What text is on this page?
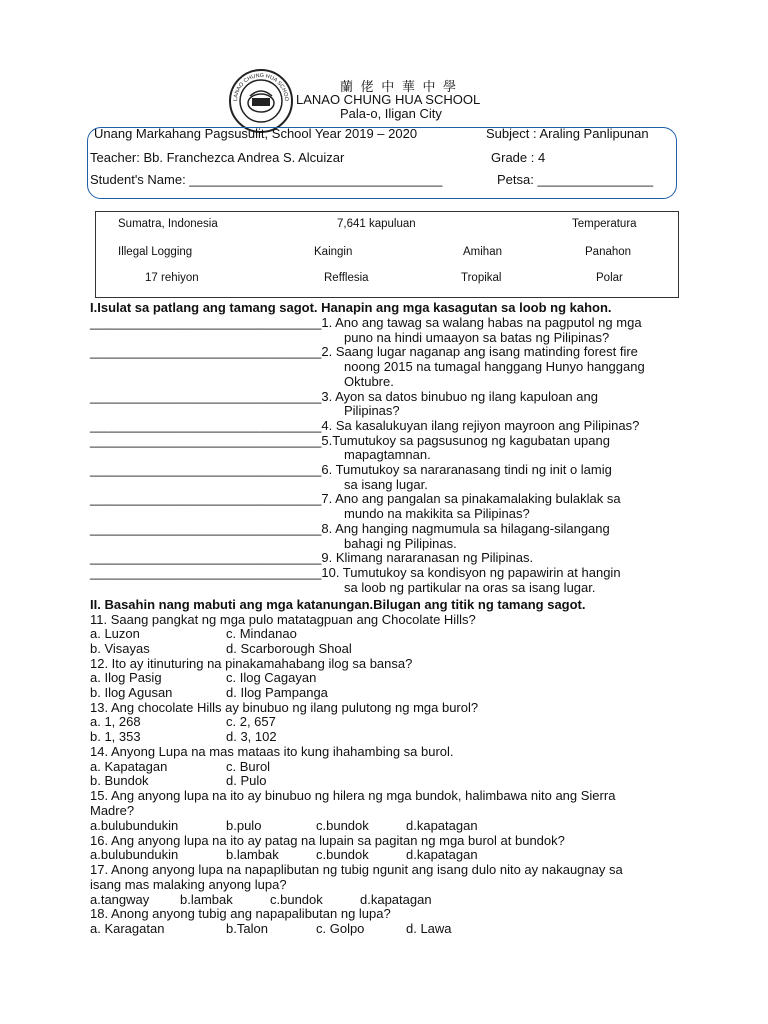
LANAO CHUNG HUA SCHOO
蘭 佬 中 華 中 學
LANAO CHUNG HUA SCHOOL
Pala-o, Iligan City
Unang Markahang Pagsusulit, School Year 2019 – 2020	Subject : Araling Panlipunan
Teacher: Bb. Franchezca Andrea S. Alcuizar	Grade : 4
Student's Name: ___________________________________	Petsa: ________________
Sumatra, Indonesia	7,641 kapuluan	Temperatura
Illegal Logging	Kaingin	Amihan	Panahon
17 rehiyon	Refflesia	Tropikal	Polar
I.Isulat sa patlang ang tamang sagot. Hanapin ang mga kasagutan sa loob ng kahon.
________________________________1. Ano ang tawag sa walang habas na pagputol ng mga
puno na hindi umaayon sa batas ng Pilipinas?
________________________________2. Saang lugar naganap ang isang matinding forest fire
noong 2015 na tumagal hanggang Hunyo hanggang
Oktubre.
________________________________3. Ayon sa datos binubuo ng ilang kapuloan ang
Pilipinas?
________________________________4. Sa kasalukuyan ilang rejiyon mayroon ang Pilipinas?
________________________________5.Tumutukoy sa pagsusunog ng kagubatan upang
mapagtamnan.
________________________________6. Tumutukoy sa nararanasang tindi ng init o lamig
sa isang lugar.
________________________________7. Ano ang pangalan sa pinakamalaking bulaklak sa
mundo na makikita sa Pilipinas?
________________________________8. Ang hanging nagmumula sa hilagang-silangang
bahagi ng Pilipinas.
________________________________9. Klimang nararanasan ng Pilipinas.
________________________________10. Tumutukoy sa kondisyon ng papawirin at hangin
sa loob ng partikular na oras sa isang lugar.
II. Basahin nang mabuti ang mga katanungan.Bilugan ang titik ng tamang sagot.
11. Saang pangkat ng mga pulo matatagpuan ang Chocolate Hills?
a. Luzon	c. Mindanao
b. Visayas	d. Scarborough Shoal
12. Ito ay itinuturing na pinakamahabang ilog sa bansa?
a. Ilog Pasig	c. Ilog Cagayan
b. Ilog Agusan	d. Ilog Pampanga
13. Ang chocolate Hills ay binubuo ng ilang pulutong ng mga burol?
a. 1, 268	c. 2, 657
b. 1, 353	d. 3, 102
14. Anyong Lupa na mas mataas ito kung ihahambing sa burol.
a. Kapatagan	c. Burol
b. Bundok	d. Pulo
15. Ang anyong lupa na ito ay binubuo ng hilera ng mga bundok, halimbawa nito ang Sierra
Madre?
a.bulubundukin	b.pulo	c.bundok	d.kapatagan
16. Ang anyong lupa na ito ay patag na lupain sa pagitan ng mga burol at bundok?
a.bulubundukin	b.lambak	c.bundok	d.kapatagan
17. Anong anyong lupa na napaplibutan ng tubig ngunit ang isang dulo nito ay nakaugnay sa
isang mas malaking anyong lupa?
a.tangway b.lambak	c.bundok	d.kapatagan
18. Anong anyong tubig ang napapalibutan ng lupa?
a. Karagatan	b.Talon	c. Golpo	d. Lawa
